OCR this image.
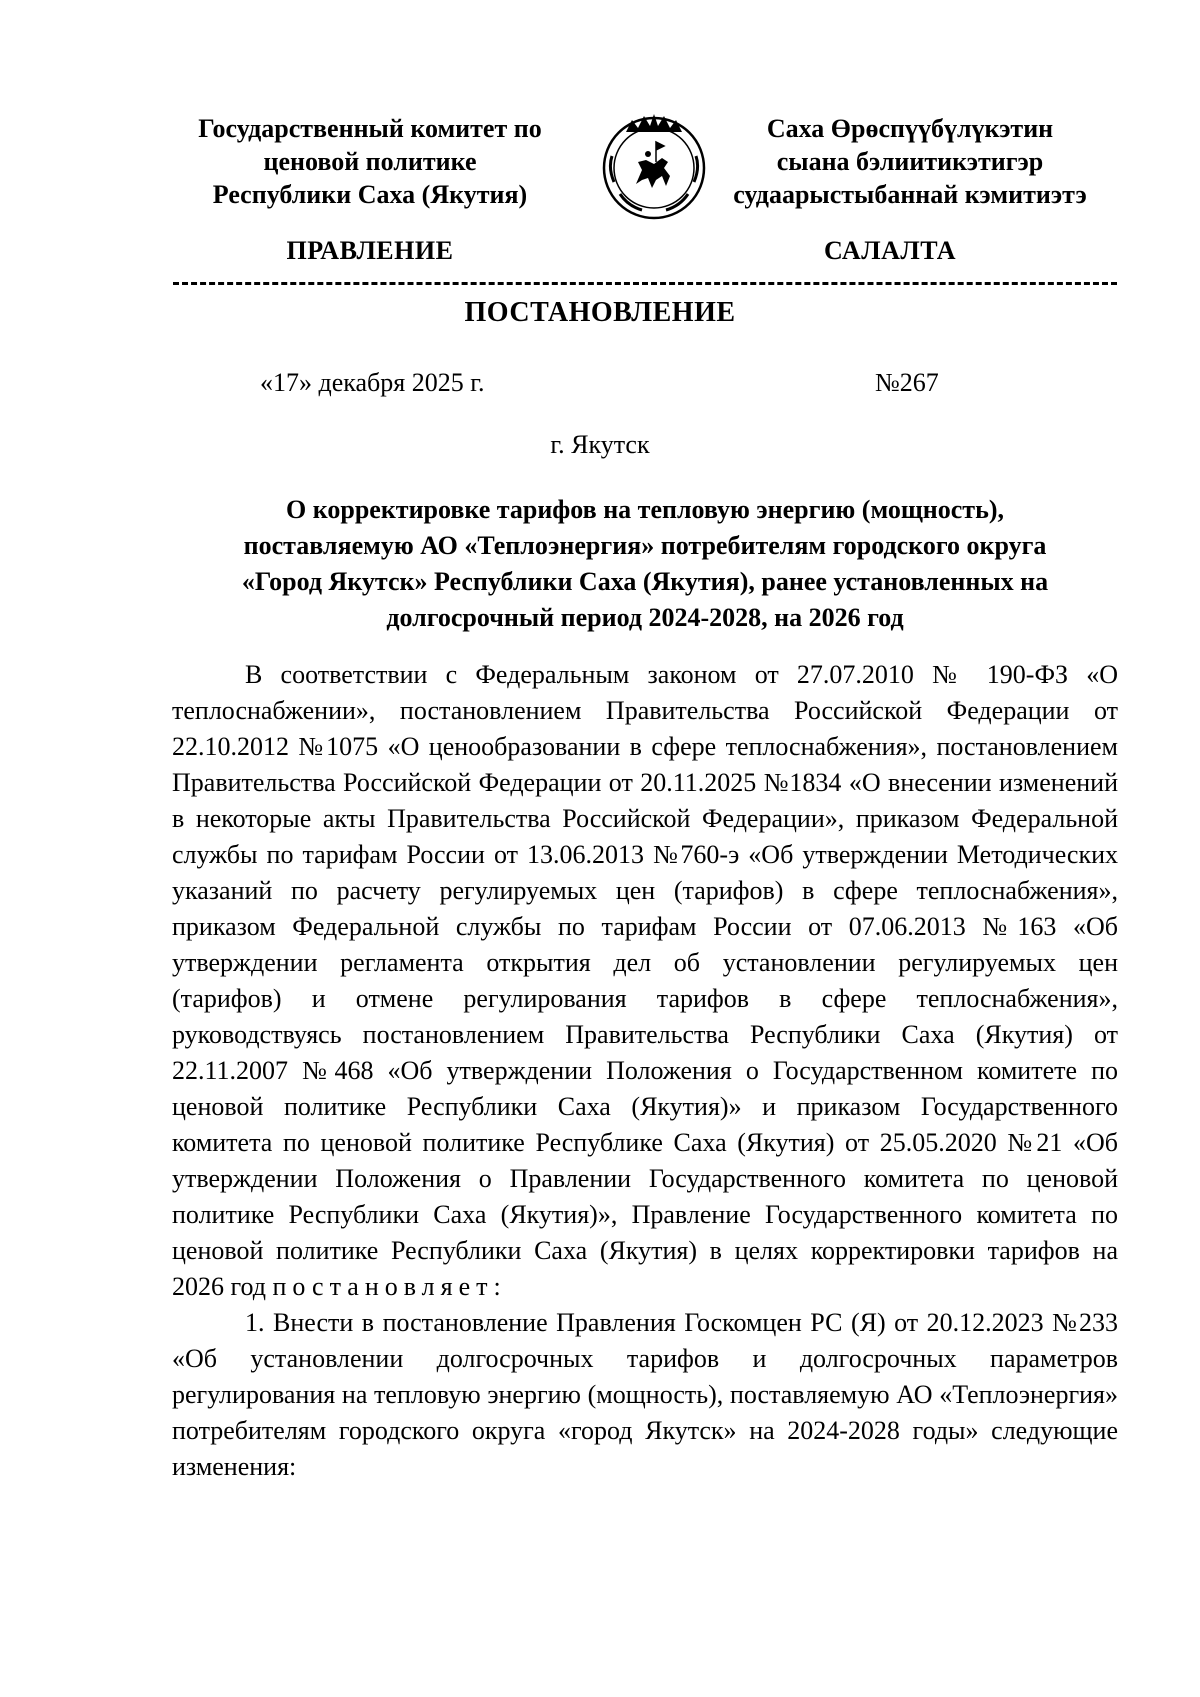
Государственный комитет по
ценовой политике
Республики Саха (Якутия)
Саха Өрөспүүбүлүкэтин
сыана бэлиитикэтигэр
судаарыстыбаннай кэмитиэтэ
ПРАВЛЕНИЕ	САЛАЛТА
ПОСТАНОВЛЕНИЕ
«17» декабря 2025 г.	№267
г. Якутск
О корректировке тарифов на тепловую энергию (мощность),
поставляемую АО «Теплоэнергия» потребителям городского округа
«Город Якутск» Республики Саха (Якутия), ранее установленных на
долгосрочный период 2024-2028, на 2026 год

В соответствии с Федеральным законом от 27.07.2010 № 190-ФЗ «О теплоснабжении», постановлением Правительства Российской Федерации от 22.10.2012 №1075 «О ценообразовании в сфере теплоснабжения», постановлением Правительства Российской Федерации от 20.11.2025 №1834 «О внесении изменений в некоторые акты Правительства Российской Федерации», приказом Федеральной службы по тарифам России от 13.06.2013 №760-э «Об утверждении Методических указаний по расчету регулируемых цен (тарифов) в сфере теплоснабжения», приказом Федеральной службы по тарифам России от 07.06.2013 №163 «Об утверждении регламента открытия дел об установлении регулируемых цен (тарифов) и отмене регулирования тарифов в сфере теплоснабжения», руководствуясь постановлением Правительства Республики Саха (Якутия) от 22.11.2007 №468 «Об утверждении Положения о Государственном комитете по ценовой политике Республики Саха (Якутия)» и приказом Государственного комитета по ценовой политике Республике Саха (Якутия) от 25.05.2020 №21 «Об утверждении Положения о Правлении Государственного комитета по ценовой политике Республики Саха (Якутия)», Правление Государственного комитета по ценовой политике Республики Саха (Якутия) в целях корректировки тарифов на 2026 год постановляет:

1. Внести в постановление Правления Госкомцен РС (Я) от 20.12.2023 №233 «Об установлении долгосрочных тарифов и долгосрочных параметров регулирования на тепловую энергию (мощность), поставляемую АО «Теплоэнергия» потребителям городского округа «город Якутск» на 2024-2028 годы» следующие изменения:
